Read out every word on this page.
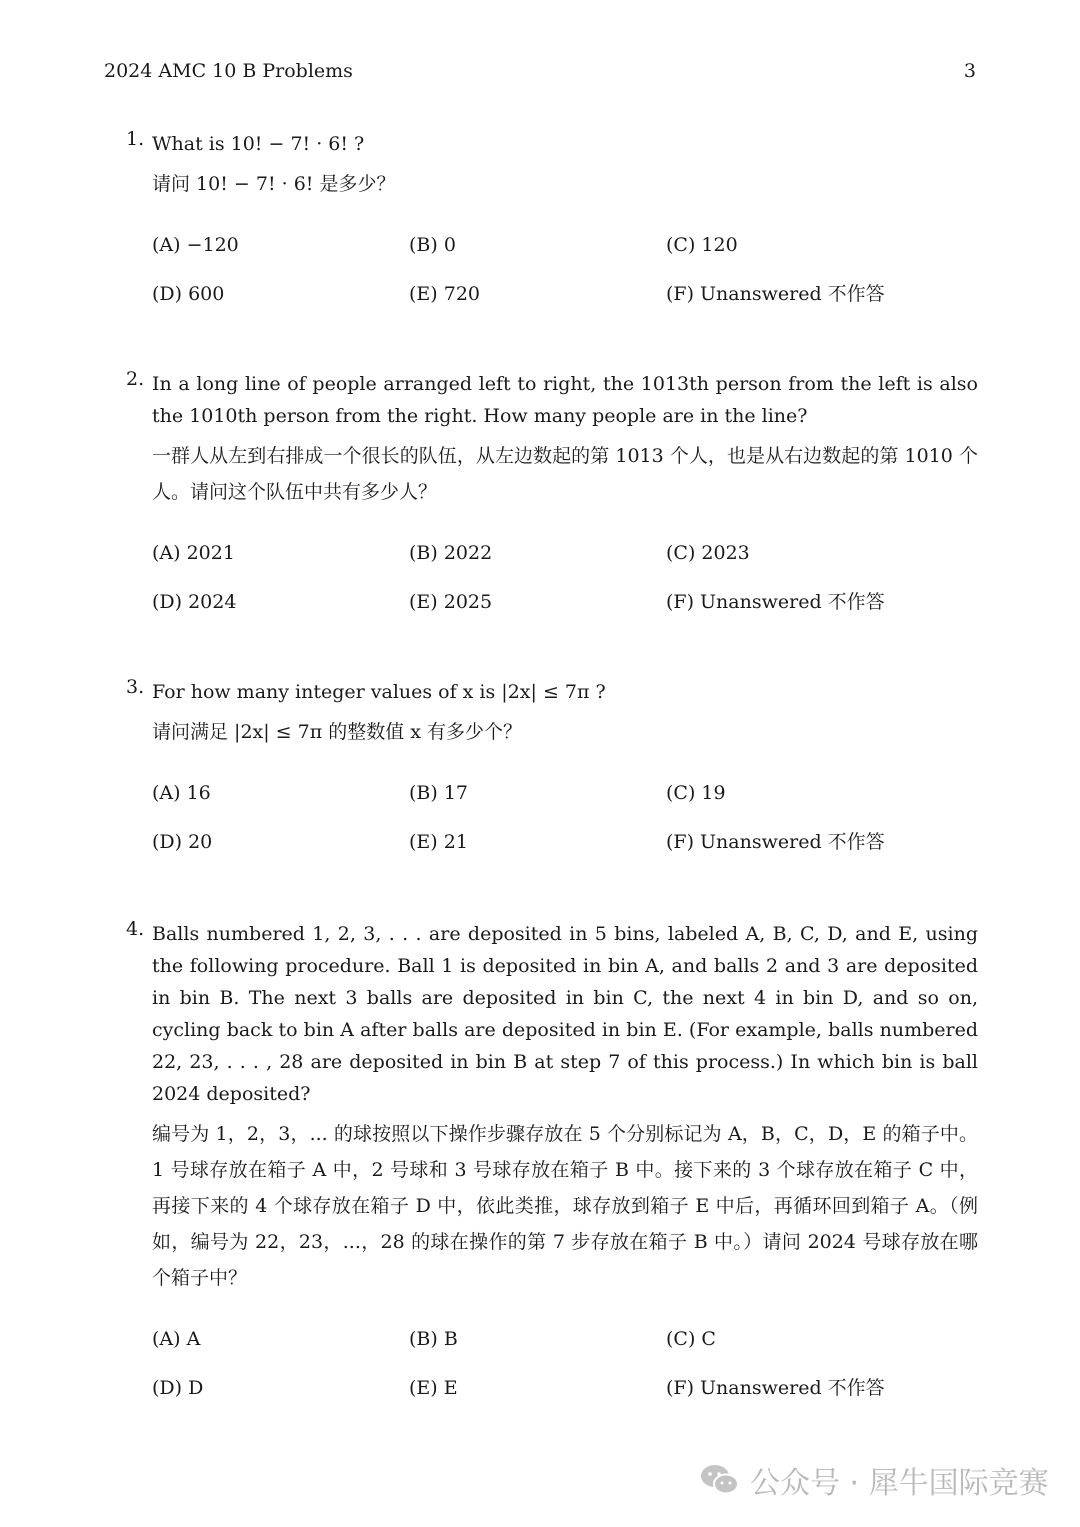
2024 AMC 10 B Problems	3
1. What is 10! − 7! · 6! ?
请问 10! − 7! · 6! 是多少？
(A) −120	(B) 0	(C) 120
(D) 600	(E) 720	(F) Unanswered 不作答
2. In a long line of people arranged left to right, the 1013th person from the left is also the 1010th person from the right. How many people are in the line?
一群人从左到右排成一个很长的队伍，从左边数起的第 1013 个人，也是从右边数起的第 1010 个人。请问这个队伍中共有多少人？
(A) 2021	(B) 2022	(C) 2023
(D) 2024	(E) 2025	(F) Unanswered 不作答
3. For how many integer values of x is |2x| ≤ 7π ?
请问满足 |2x| ≤ 7π 的整数值 x 有多少个？
(A) 16	(B) 17	(C) 19
(D) 20	(E) 21	(F) Unanswered 不作答
4. Balls numbered 1, 2, 3, . . . are deposited in 5 bins, labeled A, B, C, D, and E, using the following procedure. Ball 1 is deposited in bin A, and balls 2 and 3 are deposited in bin B. The next 3 balls are deposited in bin C, the next 4 in bin D, and so on, cycling back to bin A after balls are deposited in bin E. (For example, balls numbered 22, 23, . . . , 28 are deposited in bin B at step 7 of this process.) In which bin is ball 2024 deposited?
编号为 1，2，3，... 的球按照以下操作步骤存放在 5 个分别标记为 A，B，C，D，E 的箱子中。1 号球存放在箱子 A 中，2 号球和 3 号球存放在箱子 B 中。接下来的 3 个球存放在箱子 C 中，再接下来的 4 个球存放在箱子 D 中，依此类推，球存放到箱子 E 中后，再循环回到箱子 A。（例如，编号为 22，23，...，28 的球在操作的第 7 步存放在箱子 B 中。）请问 2024 号球存放在哪个箱子中？
(A) A	(B) B	(C) C
(D) D	(E) E	(F) Unanswered 不作答
公众号 · 犀牛国际竞赛
